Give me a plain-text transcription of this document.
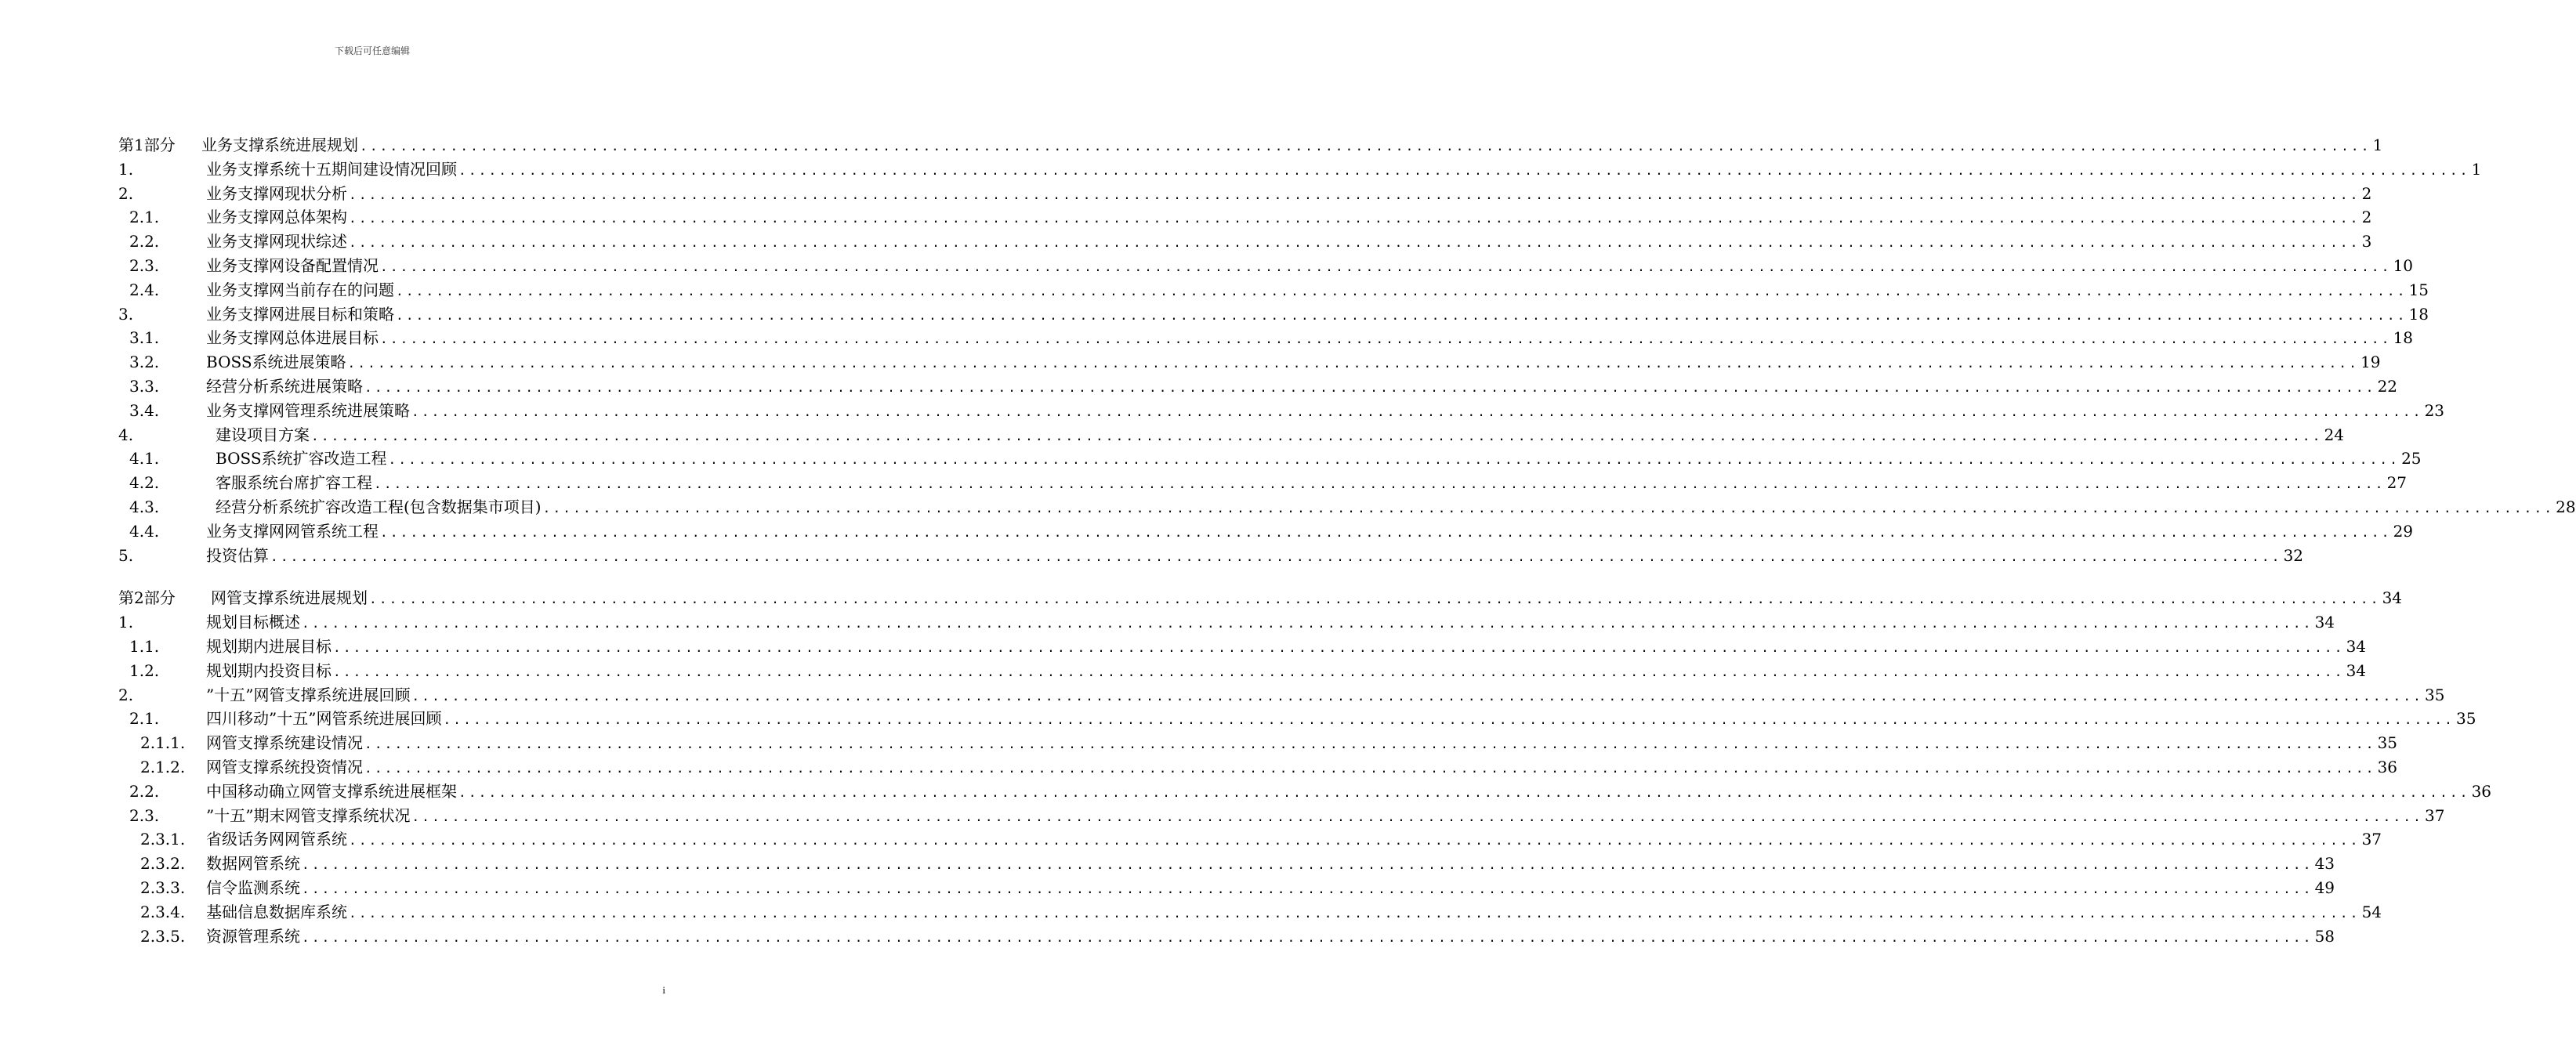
下载后可任意编辑
第1部分 业务支撑系统进展规划 ........................................................................................................................................................................................................ 1
1.	业务支撑系统十五期间建设情况回顾 ........................................................................................................................................................................................................ 1
2.	业务支撑网现状分析 ........................................................................................................................................................................................................ 2
2.1.	业务支撑网总体架构 ........................................................................................................................................................................................................ 2
2.2.	业务支撑网现状综述 ........................................................................................................................................................................................................ 3
2.3.	业务支撑网设备配置情况 ........................................................................................................................................................................................................ 10
2.4.	业务支撑网当前存在的问题 ........................................................................................................................................................................................................ 15
3.	业务支撑网进展目标和策略 ........................................................................................................................................................................................................ 18
3.1.	业务支撑网总体进展目标 ........................................................................................................................................................................................................ 18
3.2.	BOSS系统进展策略 ........................................................................................................................................................................................................ 19
3.3.	经营分析系统进展策略 ........................................................................................................................................................................................................ 22
3.4.	业务支撑网管理系统进展策略 ........................................................................................................................................................................................................ 23
4.	建设项目方案 ........................................................................................................................................................................................................ 24
4.1.	BOSS系统扩容改造工程 ........................................................................................................................................................................................................ 25
4.2.	客服系统台席扩容工程 ........................................................................................................................................................................................................ 27
4.3.	经营分析系统扩容改造工程(包含数据集市项目) ........................................................................................................................................................................................................ 28
4.4.	业务支撑网网管系统工程 ........................................................................................................................................................................................................ 29
5.	投资估算 ........................................................................................................................................................................................................ 32
第2部分 网管支撑系统进展规划 ........................................................................................................................................................................................................ 34
1.	规划目标概述 ........................................................................................................................................................................................................ 34
1.1.	规划期内进展目标 ........................................................................................................................................................................................................ 34
1.2.	规划期内投资目标 ........................................................................................................................................................................................................ 34
2.	”十五”网管支撑系统进展回顾 ........................................................................................................................................................................................................ 35
2.1.	四川移动”十五”网管系统进展回顾 ........................................................................................................................................................................................................ 35
2.1.1. 网管支撑系统建设情况 ........................................................................................................................................................................................................ 35
2.1.2. 网管支撑系统投资情况 ........................................................................................................................................................................................................ 36
2.2.	中国移动确立网管支撑系统进展框架 ........................................................................................................................................................................................................ 36
2.3.	”十五”期末网管支撑系统状况 ........................................................................................................................................................................................................ 37
2.3.1. 省级话务网网管系统 ........................................................................................................................................................................................................ 37
2.3.2. 数据网管系统 ........................................................................................................................................................................................................ 43
2.3.3. 信令监测系统 ........................................................................................................................................................................................................ 49
2.3.4. 基础信息数据库系统 ........................................................................................................................................................................................................ 54
2.3.5. 资源管理系统 ........................................................................................................................................................................................................ 58
i
